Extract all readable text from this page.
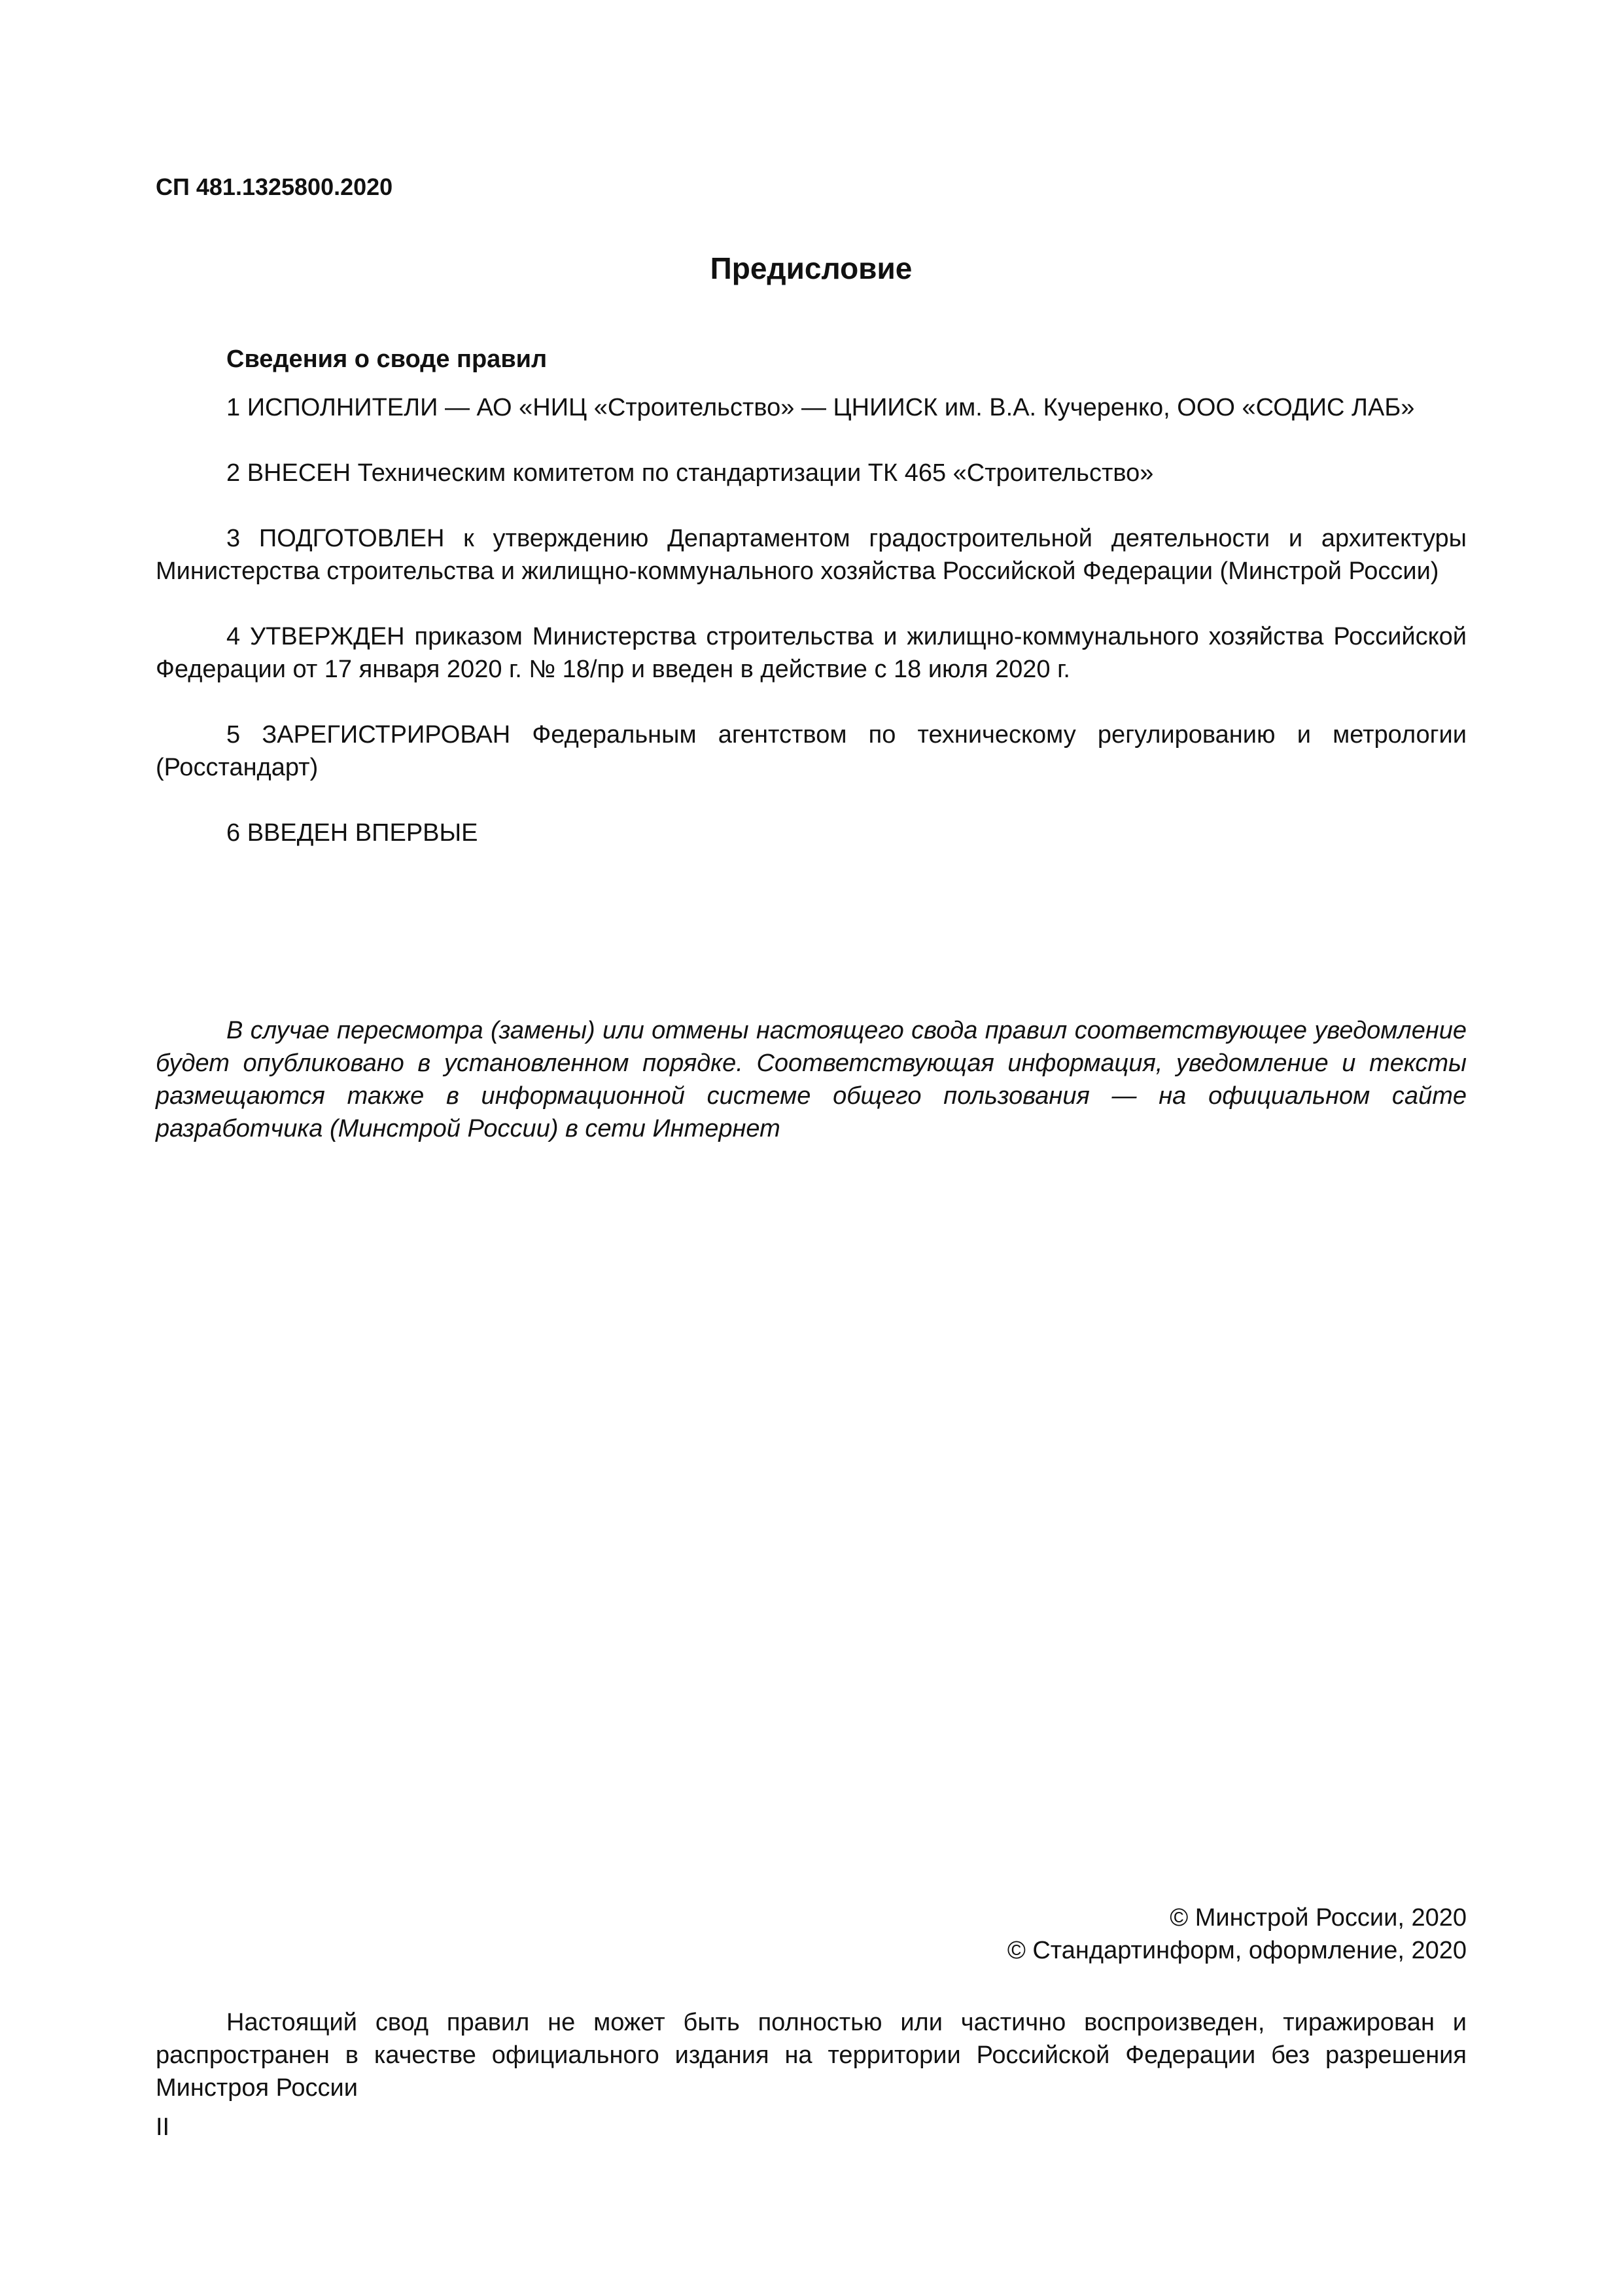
СП 481.1325800.2020
Предисловие

Сведения о своде правил

1 ИСПОЛНИТЕЛИ — АО «НИЦ «Строительство» — ЦНИИСК им. В.А. Кучеренко, ООО «СОДИС ЛАБ»

2 ВНЕСЕН Техническим комитетом по стандартизации ТК 465 «Строительство»

3 ПОДГОТОВЛЕН к утверждению Департаментом градостроительной деятельности и архитектуры Министерства строительства и жилищно-коммунального хозяйства Российской Федерации (Минстрой России)

4 УТВЕРЖДЕН приказом Министерства строительства и жилищно-коммунального хозяйства Российской Федерации от 17 января 2020 г. № 18/пр и введен в действие с 18 июля 2020 г.

5 ЗАРЕГИСТРИРОВАН Федеральным агентством по техническому регулированию и метрологии (Росстандарт)

6 ВВЕДЕН ВПЕРВЫЕ

В случае пересмотра (замены) или отмены настоящего свода правил соответствующее уведомление будет опубликовано в установленном порядке. Соответствующая информация, уведомление и тексты размещаются также в информационной системе общего пользования — на официальном сайте разработчика (Минстрой России) в сети Интернет

© Минстрой России, 2020
© Стандартинформ, оформление, 2020

Настоящий свод правил не может быть полностью или частично воспроизведен, тиражирован и распространен в качестве официального издания на территории Российской Федерации без разрешения Минстроя России

II
